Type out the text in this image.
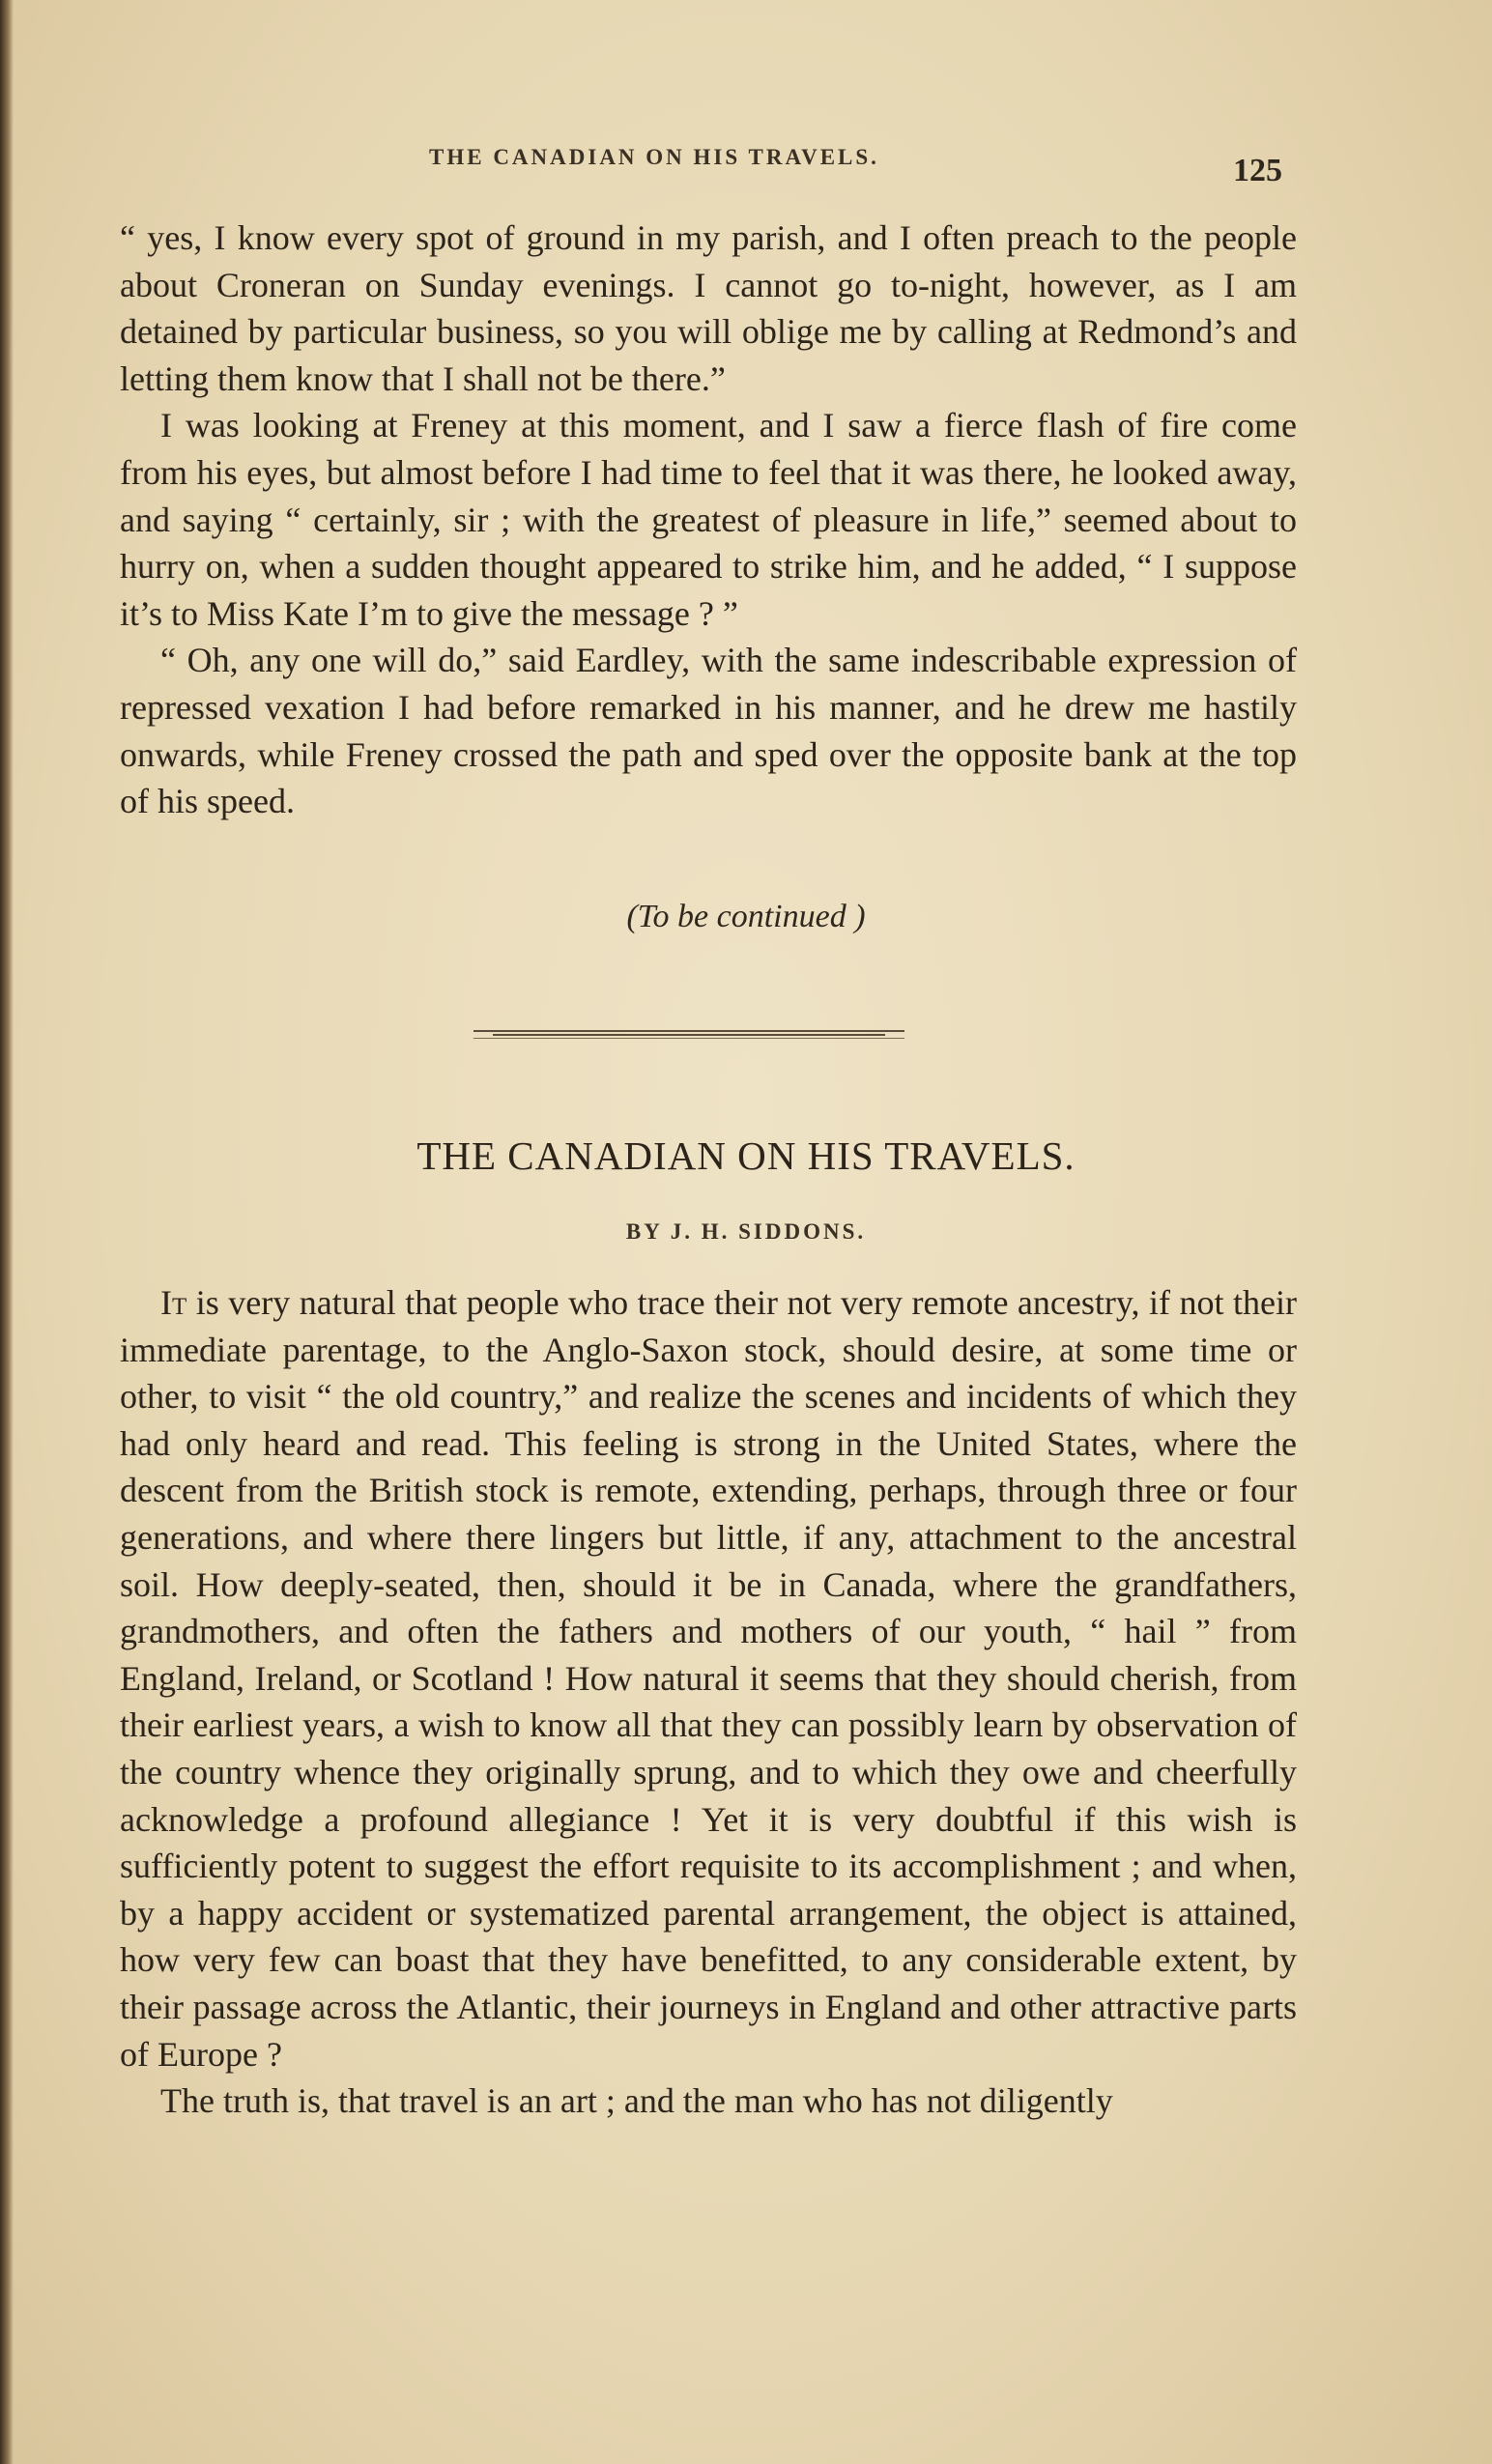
THE CANADIAN ON HIS TRAVELS.	125

“ yes, I know every spot of ground in my parish, and I often preach to the people about Croneran on Sunday evenings. I cannot go to-night, however, as I am detained by particular business, so you will oblige me by calling at Redmond’s and letting them know that I shall not be there.”

I was looking at Freney at this moment, and I saw a fierce flash of fire come from his eyes, but almost before I had time to feel that it was there, he looked away, and saying “ certainly, sir ; with the greatest of pleasure in life,” seemed about to hurry on, when a sudden thought appeared to strike him, and he added, “ I suppose it’s to Miss Kate I’m to give the message ? ”

“ Oh, any one will do,” said Eardley, with the same indescribable expression of repressed vexation I had before remarked in his manner, and he drew me hastily onwards, while Freney crossed the path and sped over the opposite bank at the top of his speed.

(To be continued )
THE CANADIAN ON HIS TRAVELS.
BY J. H. SIDDONS.

It is very natural that people who trace their not very remote ancestry, if not their immediate parentage, to the Anglo-Saxon stock, should desire, at some time or other, to visit “ the old country,” and realize the scenes and incidents of which they had only heard and read. This feeling is strong in the United States, where the descent from the British stock is remote, extending, perhaps, through three or four generations, and where there lingers but little, if any, attachment to the ancestral soil. How deeply-seated, then, should it be in Canada, where the grandfathers, grandmothers, and often the fathers and mothers of our youth, “ hail ” from England, Ireland, or Scotland ! How natural it seems that they should cherish, from their earliest years, a wish to know all that they can possibly learn by observation of the country whence they originally sprung, and to which they owe and cheerfully acknowledge a profound allegiance ! Yet it is very doubtful if this wish is sufficiently potent to suggest the effort requisite to its accomplishment ; and when, by a happy accident or systematized parental arrangement, the object is attained, how very few can boast that they have benefitted, to any considerable extent, by their passage across the Atlantic, their journeys in England and other attractive parts of Europe ?

The truth is, that travel is an art ; and the man who has not diligently
